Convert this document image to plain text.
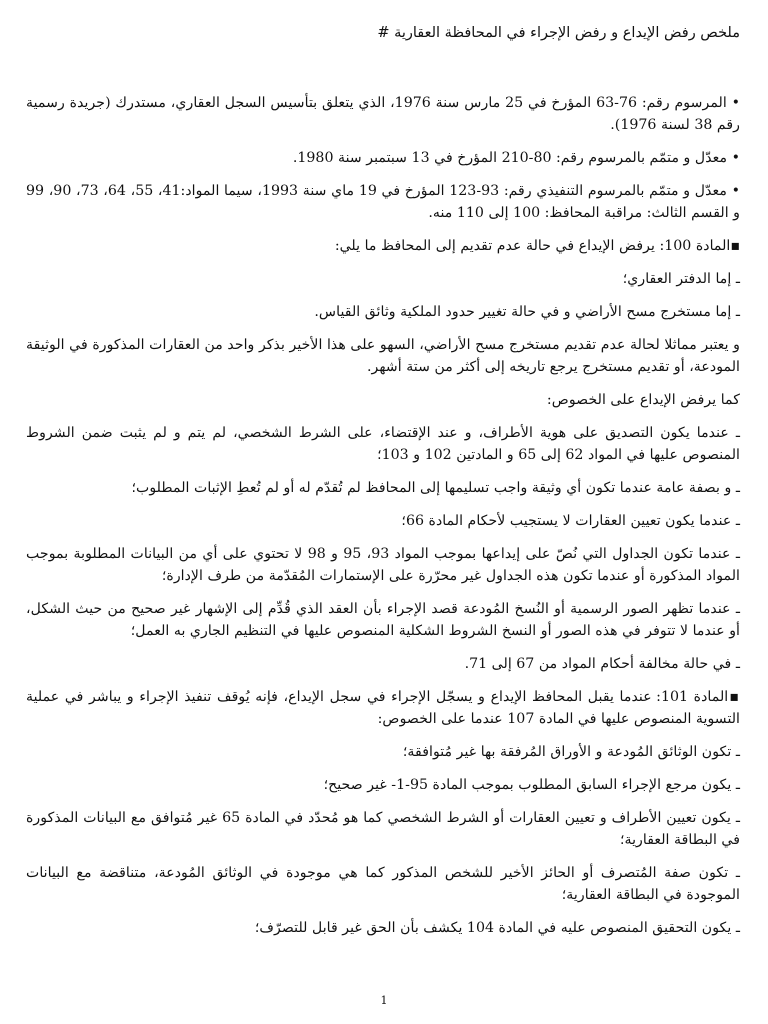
ملخص رفض الإيداع و رفض الإجراء في المحافظة العقارية #

• المرسوم رقم: 76-63 المؤرخ في 25 مارس سنة 1976، الذي يتعلق بتأسيس السجل العقاري، مستدرك (جريدة رسمية رقم 38 لسنة 1976).

• معدّل و متمّم بالمرسوم رقم: 80-210 المؤرخ في 13 سبتمبر سنة 1980.

• معدّل و متمّم بالمرسوم التنفيذي رقم: 93-123 المؤرخ في 19 ماي سنة 1993، سيما المواد:41، 55، 64، 73، 90، 99 و القسم الثالث: مراقبة المحافظ: 100 إلى 110 منه.

▪المادة 100: يرفض الإيداع في حالة عدم تقديم إلى المحافظ ما يلي:

ـ إما الدفتر العقاري؛

ـ إما مستخرج مسح الأراضي و في حالة تغيير حدود الملكية وثائق القياس.

و يعتبر مماثلا لحالة عدم تقديم مستخرج مسح الأراضي، السهو على هذا الأخير بذكر واحد من العقارات المذكورة في الوثيقة المودعة، أو تقديم مستخرج يرجع تاريخه إلى أكثر من ستة أشهر.

كما يرفض الإيداع على الخصوص:

ـ عندما يكون التصديق على هوية الأطراف، و عند الإقتضاء، على الشرط الشخصي، لم يتم و لم يثبت ضمن الشروط المنصوص عليها في المواد 62 إلى 65 و المادتين 102 و 103؛

ـ و بصفة عامة عندما تكون أي وثيقة واجب تسليمها إلى المحافظ لم تُقدّم له أو لم تُعطِ الإثبات المطلوب؛

ـ عندما يكون تعيين العقارات لا يستجيب لأحكام المادة 66؛

ـ عندما تكون الجداول التي نُصّ على إيداعها بموجب المواد 93، 95 و 98 لا تحتوي على أي من البيانات المطلوبة بموجب المواد المذكورة أو عندما تكون هذه الجداول غير محرّرة على الإستمارات المُقدّمة من طرف الإدارة؛

ـ عندما تظهر الصور الرسمية أو النُسخ المُودعة قصد الإجراء بأن العقد الذي قُدِّم إلى الإشهار غير صحيح من حيث الشكل، أو عندما لا تتوفر في هذه الصور أو النسخ الشروط الشكلية المنصوص عليها في التنظيم الجاري به العمل؛

ـ في حالة مخالفة أحكام المواد من 67 إلى 71.

▪المادة 101: عندما يقبل المحافظ الإيداع و يسجّل الإجراء في سجل الإيداع، فإنه يُوقف تنفيذ الإجراء و يباشر في عملية التسوية المنصوص عليها في المادة 107 عندما على الخصوص:

ـ تكون الوثائق المُودعة و الأوراق المُرفقة بها غير مُتوافقة؛

ـ يكون مرجع الإجراء السابق المطلوب بموجب المادة 95-1- غير صحيح؛

ـ يكون تعيين الأطراف و تعيين العقارات أو الشرط الشخصي كما هو مُحدّد في المادة 65 غير مُتوافق مع البيانات المذكورة في البطاقة العقارية؛

ـ تكون صفة المُتصرف أو الحائز الأخير للشخص المذكور كما هي موجودة في الوثائق المُودعة، متناقضة مع البيانات الموجودة في البطاقة العقارية؛

ـ يكون التحقيق المنصوص عليه في المادة 104 يكشف بأن الحق غير قابل للتصرّف؛

1
